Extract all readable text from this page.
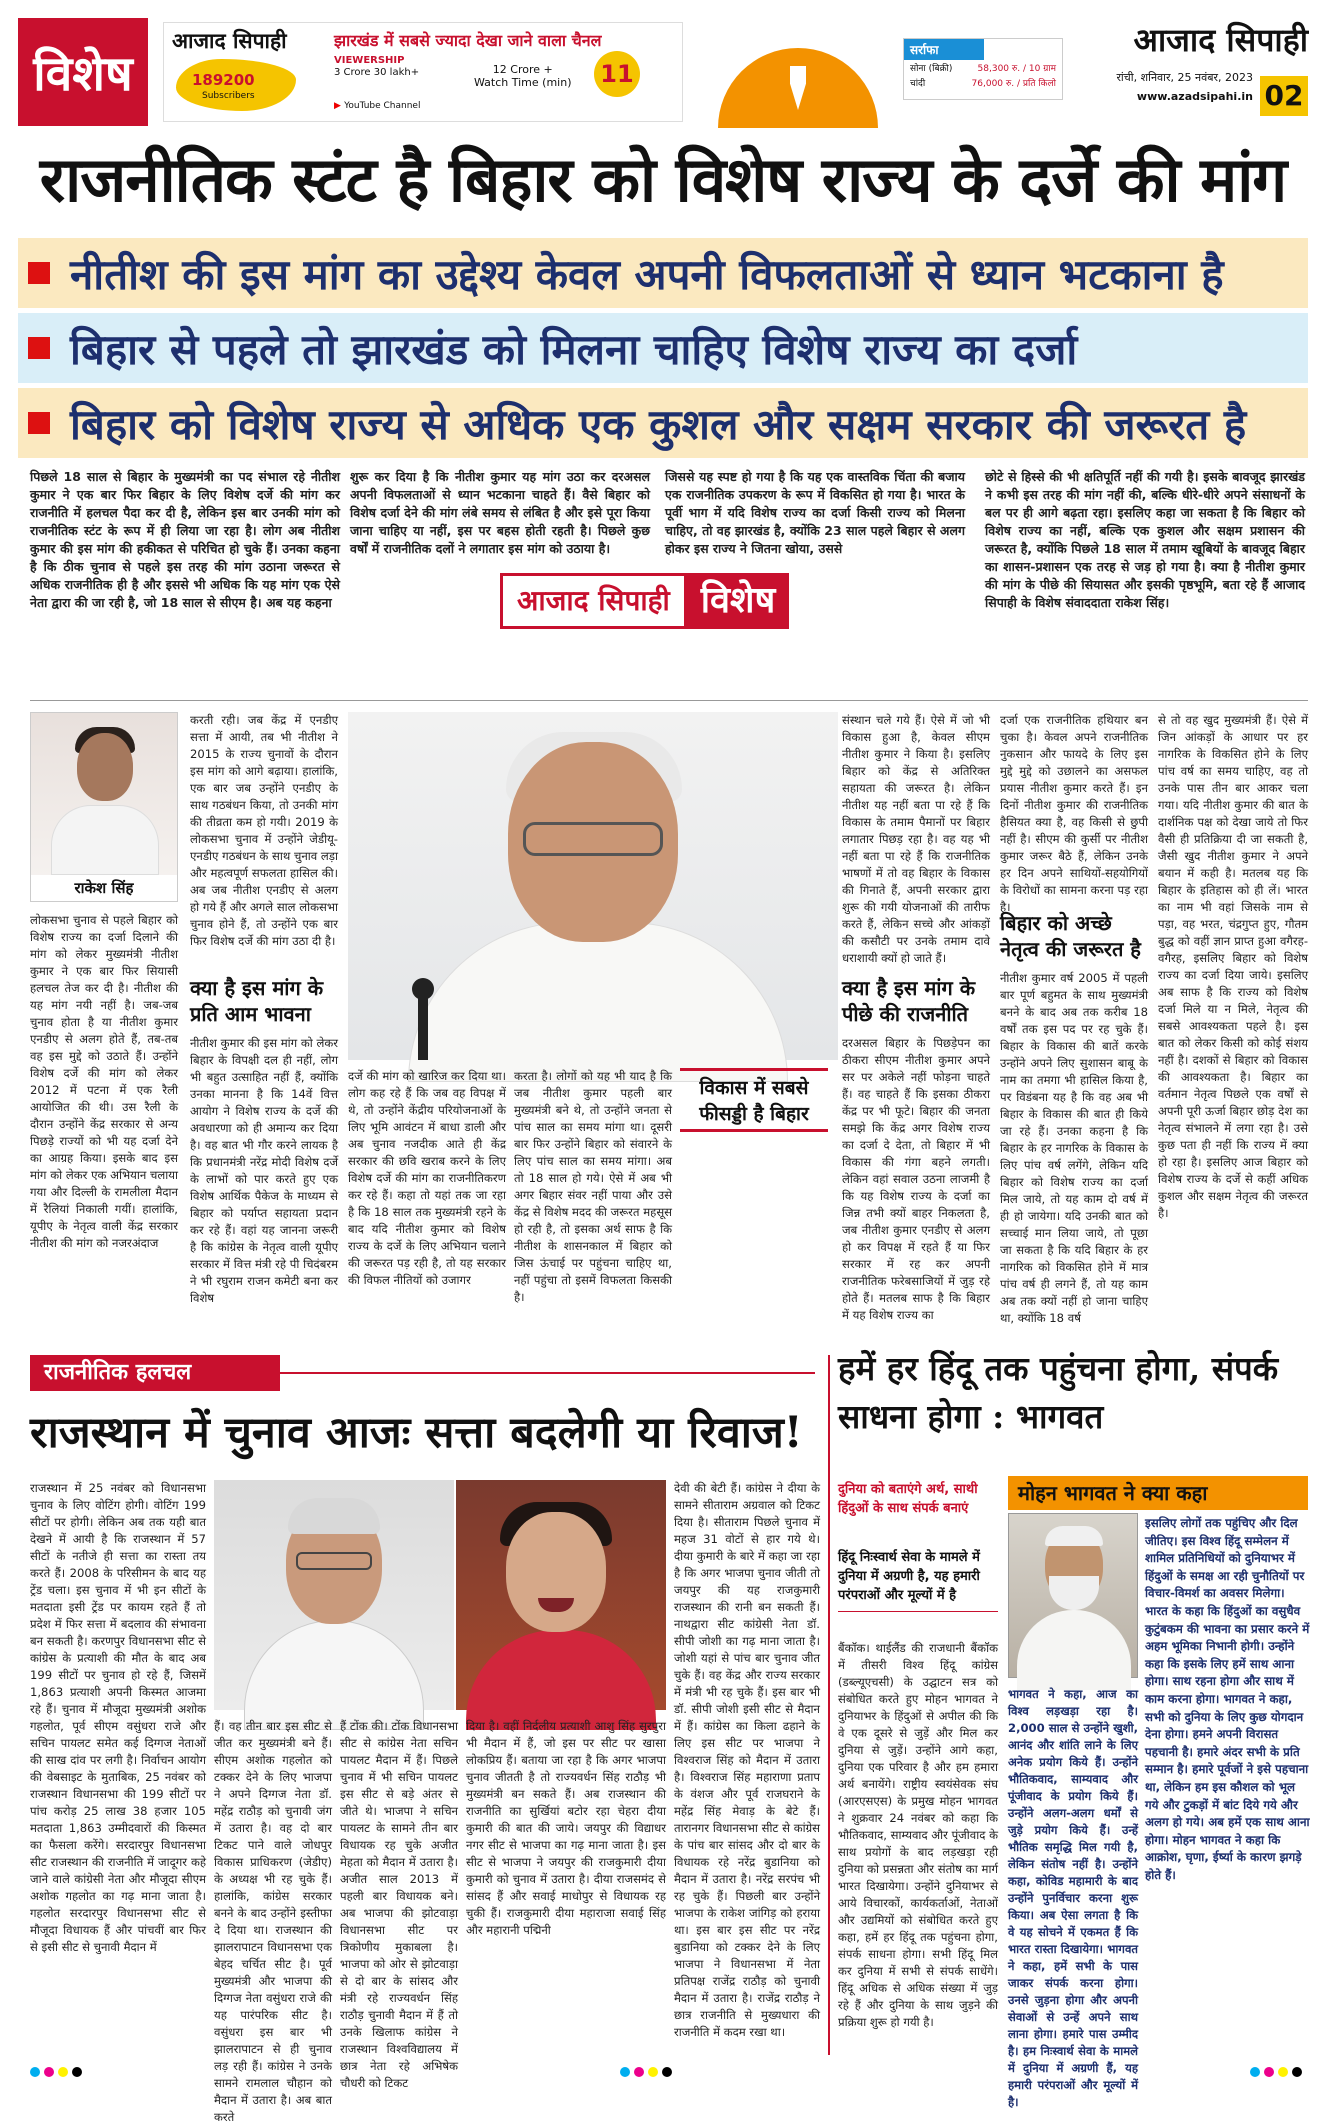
विशेष
आजाद सिपाही
189200
Subscribers
झारखंड में सबसे ज्यादा देखा जाने वाला चैनल
VIEWERSHIP
3 Crore 30 lakh+	12 Crore +
Watch Time (min)
▶ YouTube Channel
11
सर्राफा
सोना (बिक्री)	58,300 रु. / 10 ग्राम
चांदी	76,000 रु. / प्रति किलो
आजाद सिपाही
रांची, शनिवार, 25 नवंबर, 2023
www.azadsipahi.in 02
राजनीतिक स्टंट है बिहार को विशेष राज्य के दर्जे की मांग
नीतीश की इस मांग का उद्देश्य केवल अपनी विफलताओं से ध्यान भटकाना है
बिहार से पहले तो झारखंड को मिलना चाहिए विशेष राज्य का दर्जा
बिहार को विशेष राज्य से अधिक एक कुशल और सक्षम सरकार की जरूरत है
पिछले 18 साल से बिहार के मुख्यमंत्री का पद संभाल रहे नीतीश कुमार ने एक बार फिर बिहार के लिए विशेष दर्जे की मांग कर राजनीति में हलचल पैदा कर दी है, लेकिन इस बार उनकी मांग को राजनीतिक स्टंट के रूप में ही लिया जा रहा है। लोग अब नीतीश कुमार की इस मांग की हकीकत से परिचित हो चुके हैं। उनका कहना है कि ठीक चुनाव से पहले इस तरह की मांग उठाना जरूरत से अधिक राजनीतिक ही है और इससे भी अधिक कि यह मांग एक ऐसे नेता द्वारा की जा रही है, जो 18 साल से सीएम है। अब यह कहना
शुरू कर दिया है कि नीतीश कुमार यह मांग उठा कर दरअसल अपनी विफलताओं से ध्यान भटकाना चाहते हैं। वैसे बिहार को विशेष दर्जा देने की मांग लंबे समय से लंबित है और इसे पूरा किया जाना चाहिए या नहीं, इस पर बहस होती रहती है। पिछले कुछ वर्षों में राजनीतिक दलों ने लगातार इस मांग को उठाया है।
आजाद सिपाही विशेष
जिससे यह स्पष्ट हो गया है कि यह एक वास्तविक चिंता की बजाय एक राजनीतिक उपकरण के रूप में विकसित हो गया है। भारत के पूर्वी भाग में यदि विशेष राज्य का दर्जा किसी राज्य को मिलना चाहिए, तो वह झारखंड है, क्योंकि 23 साल पहले बिहार से अलग होकर इस राज्य ने जितना खोया, उससे
छोटे से हिस्से की भी क्षतिपूर्ति नहीं की गयी है। इसके बावजूद झारखंड ने कभी इस तरह की मांग नहीं की, बल्कि धीरे-धीरे अपने संसाधनों के बल पर ही आगे बढ़ता रहा। इसलिए कहा जा सकता है कि बिहार को विशेष राज्य का नहीं, बल्कि एक कुशल और सक्षम प्रशासन की जरूरत है, क्योंकि पिछले 18 साल में तमाम खूबियों के बावजूद बिहार का शासन-प्रशासन एक तरह से जड़ हो गया है। क्या है नीतीश कुमार की मांग के पीछे की सियासत और इसकी पृष्ठभूमि, बता रहे हैं आजाद सिपाही के विशेष संवाददाता राकेश सिंह।
राकेश सिंह
लोकसभा चुनाव से पहले बिहार को विशेष राज्य का दर्जा दिलाने की मांग को लेकर मुख्यमंत्री नीतीश कुमार ने एक बार फिर सियासी हलचल तेज कर दी है। नीतीश की यह मांग नयी नहीं है। जब-जब चुनाव होता है या नीतीश कुमार एनडीए से अलग होते हैं, तब-तब वह इस मुद्दे को उठाते हैं। उन्होंने विशेष दर्जे की मांग को लेकर 2012 में पटना में एक रैली आयोजित की थी। उस रैली के दौरान उन्होंने केंद्र सरकार से अन्य पिछड़े राज्यों को भी यह दर्जा देने का आग्रह किया। इसके बाद इस मांग को लेकर एक अभियान चलाया गया और दिल्ली के रामलीला मैदान में रैलियां निकाली गयीं। हालांकि, यूपीए के नेतृत्व वाली केंद्र सरकार नीतीश की मांग को नजरअंदाज
करती रही। जब केंद्र में एनडीए सत्ता में आयी, तब भी नीतीश ने 2015 के राज्य चुनावों के दौरान इस मांग को आगे बढ़ाया। हालांकि, एक बार जब उन्होंने एनडीए के साथ गठबंधन किया, तो उनकी मांग की तीव्रता कम हो गयी। 2019 के लोकसभा चुनाव में उन्होंने जेडीयू-एनडीए गठबंधन के साथ चुनाव लड़ा और महत्वपूर्ण सफलता हासिल की। अब जब नीतीश एनडीए से अलग हो गये हैं और अगले साल लोकसभा चुनाव होने हैं, तो उन्होंने एक बार फिर विशेष दर्जे की मांग उठा दी है।
क्या है इस मांग के प्रति आम भावना
नीतीश कुमार की इस मांग को लेकर बिहार के विपक्षी दल ही नहीं, लोग भी बहुत उत्साहित नहीं हैं, क्योंकि उनका मानना है कि 14वें वित्त आयोग ने विशेष राज्य के दर्जे की अवधारणा को ही अमान्य कर दिया है। वह बात भी गौर करने लायक है कि प्रधानमंत्री नरेंद्र मोदी विशेष दर्जे के लाभों को पार करते हुए एक विशेष आर्थिक पैकेज के माध्यम से बिहार को पर्याप्त सहायता प्रदान कर रहे हैं। वहां यह जानना जरूरी है कि कांग्रेस के नेतृत्व वाली यूपीए सरकार में वित्त मंत्री रहे पी चिदंबरम ने भी रघुराम राजन कमेटी बना कर विशेष
दर्जे की मांग को खारिज कर दिया था। लोग कह रहे हैं कि जब वह विपक्ष में थे, तो उन्होंने केंद्रीय परियोजनाओं के लिए भूमि आवंटन में बाधा डाली और अब चुनाव नजदीक आते ही केंद्र सरकार की छवि खराब करने के लिए विशेष दर्जे की मांग का राजनीतिकरण कर रहे हैं। कहा तो यहां तक जा रहा है कि 18 साल तक मुख्यमंत्री रहने के बाद यदि नीतीश कुमार को विशेष राज्य के दर्जे के लिए अभियान चलाने की जरूरत पड़ रही है, तो यह सरकार की विफल नीतियों को उजागर
करता है। लोगों को यह भी याद है कि जब नीतीश कुमार पहली बार मुख्यमंत्री बने थे, तो उन्होंने जनता से पांच साल का समय मांगा था। दूसरी बार फिर उन्होंने बिहार को संवारने के लिए पांच साल का समय मांगा। अब तो 18 साल हो गये। ऐसे में अब भी अगर बिहार संवर नहीं पाया और उसे केंद्र से विशेष मदद की जरूरत महसूस हो रही है, तो इसका अर्थ साफ है कि नीतीश के शासनकाल में बिहार को जिस ऊंचाई पर पहुंचना चाहिए था, नहीं पहुंचा तो इसमें विफलता किसकी है।
विकास में सबसे फीसड्डी है बिहार
संस्थान चले गये हैं। ऐसे में जो भी विकास हुआ है, केवल सीएम नीतीश कुमार ने किया है। इसलिए बिहार को केंद्र से अतिरिक्त सहायता की जरूरत है। लेकिन नीतीश यह नहीं बता पा रहे हैं कि विकास के तमाम पैमानों पर बिहार लगातार पिछड़ रहा है। वह यह भी नहीं बता पा रहे हैं कि राजनीतिक भाषणों में तो वह बिहार के विकास की गिनाते हैं, अपनी सरकार द्वारा शुरू की गयी योजनाओं की तारीफ करते हैं, लेकिन सच्चे और आंकड़ों की कसौटी पर उनके तमाम दावे धराशायी क्यों हो जाते हैं।
क्या है इस मांग के पीछे की राजनीति
दरअसल बिहार के पिछड़ेपन का ठीकरा सीएम नीतीश कुमार अपने सर पर अकेले नहीं फोड़ना चाहते हैं। वह चाहते हैं कि इसका ठीकरा केंद्र पर भी फूटे। बिहार की जनता समझे कि केंद्र अगर विशेष राज्य का दर्जा दे देता, तो बिहार में भी विकास की गंगा बहने लगती। लेकिन वहां सवाल उठना लाजमी है कि यह विशेष राज्य के दर्जा का जिन्न तभी क्यों बाहर निकलता है, जब नीतीश कुमार एनडीए से अलग हो कर विपक्ष में रहते हैं या फिर सरकार में रह कर अपनी राजनीतिक फरेबसाजियों में जुड़ रहे होते हैं। मतलब साफ है कि बिहार में यह विशेष राज्य का
दर्जा एक राजनीतिक हथियार बन चुका है। केवल अपने राजनीतिक नुकसान और फायदे के लिए इस मुद्दे मुद्दे को उछालने का असफल प्रयास नीतीश कुमार करते हैं। इन दिनों नीतीश कुमार की राजनीतिक हैसियत क्या है, वह किसी से छुपी नहीं है। सीएम की कुर्सी पर नीतीश कुमार जरूर बैठे हैं, लेकिन उनके हर दिन अपने साथियों-सहयोगियों के विरोधों का सामना करना पड़ रहा है।
बिहार को अच्छे नेतृत्व की जरूरत है
नीतीश कुमार वर्ष 2005 में पहली बार पूर्ण बहुमत के साथ मुख्यमंत्री बनने के बाद अब तक करीब 18 वर्षों तक इस पद पर रह चुके हैं। बिहार के विकास की बातें करके उन्होंने अपने लिए सुशासन बाबू के नाम का तमगा भी हासिल किया है, पर विडंबना यह है कि वह अब भी बिहार के विकास की बात ही किये जा रहे हैं। उनका कहना है कि बिहार के हर नागरिक के विकास के लिए पांच वर्ष लगेंगे, लेकिन यदि बिहार को विशेष राज्य का दर्जा मिल जाये, तो यह काम दो वर्ष में ही हो जायेगा। यदि उनकी बात को सच्चाई मान लिया जाये, तो पूछा जा सकता है कि यदि बिहार के हर नागरिक को विकसित होने में मात्र पांच वर्ष ही लगने हैं, तो यह काम अब तक क्यों नहीं हो जाना चाहिए था, क्योंकि 18 वर्ष
से तो वह खुद मुख्यमंत्री हैं। ऐसे में जिन आंकड़ों के आधार पर हर नागरिक के विकसित होने के लिए पांच वर्ष का समय चाहिए, वह तो उनके पास तीन बार आकर चला गया। यदि नीतीश कुमार की बात के दार्शनिक पक्ष को देखा जाये तो फिर वैसी ही प्रतिक्रिया दी जा सकती है, जैसी खुद नीतीश कुमार ने अपने बयान में कही है। मतलब यह कि बिहार के इतिहास को ही लें। भारत का नाम भी वहां जिसके नाम से पड़ा, वह भरत, चंद्रगुप्त हुए, गौतम बुद्ध को वहीं ज्ञान प्राप्त हुआ वगैरह-वगैरह, इसलिए बिहार को विशेष राज्य का दर्जा दिया जाये। इसलिए अब साफ है कि राज्य को विशेष दर्जा मिले या न मिले, नेतृत्व की सबसे आवश्यकता पहले है। इस बात को लेकर किसी को कोई संशय नहीं है। दशकों से बिहार को विकास की आवश्यकता है। बिहार का वर्तमान नेतृत्व पिछले एक वर्षों से अपनी पूरी ऊर्जा बिहार छोड़ देश का नेतृत्व संभालने में लगा रहा है। उसे कुछ पता ही नहीं कि राज्य में क्या हो रहा है। इसलिए आज बिहार को विशेष राज्य के दर्जे से कहीं अधिक कुशल और सक्षम नेतृत्व की जरूरत है।
राजनीतिक हलचल
राजस्थान में चुनाव आजः सत्ता बदलेगी या रिवाज!
राजस्थान में 25 नवंबर को विधानसभा चुनाव के लिए वोटिंग होगी। वोटिंग 199 सीटों पर होगी। लेकिन अब तक यही बात देखने में आयी है कि राजस्थान में 57 सीटों के नतीजे ही सत्ता का रास्ता तय करते हैं। 2008 के परिसीमन के बाद यह ट्रेंड चला। इस चुनाव में भी इन सीटों के मतदाता इसी ट्रेंड पर कायम रहते हैं तो प्रदेश में फिर सत्ता में बदलाव की संभावना बन सकती है। करणपुर विधानसभा सीट से कांग्रेस के प्रत्याशी की मौत के बाद अब 199 सीटों पर चुनाव हो रहे हैं, जिसमें 1,863 प्रत्याशी अपनी किस्मत आजमा रहे हैं। चुनाव में मौजूदा मुख्यमंत्री अशोक गहलोत, पूर्व सीएम वसुंधरा राजे और सचिन पायलट समेत कई दिग्गज नेताओं की साख दांव पर लगी है। निर्वाचन आयोग की वेबसाइट के मुताबिक, 25 नवंबर को राजस्थान विधानसभा की 199 सीटों पर पांच करोड़ 25 लाख 38 हजार 105 मतदाता 1,863 उम्मीदवारों की किस्मत का फैसला करेंगे। सरदारपुर विधानसभा सीट राजस्थान की राजनीति में जादूगर कहे जाने वाले कांग्रेसी नेता और मौजूदा सीएम अशोक गहलोत का गढ़ माना जाता है। गहलोत सरदारपुर विधानसभा सीट से मौजूदा विधायक हैं और पांचवीं बार फिर से इसी सीट से चुनावी मैदान में
हैं। वह तीन बार इस सीट से जीत कर मुख्यमंत्री बने हैं। सीएम अशोक गहलोत को टक्कर देने के लिए भाजपा ने अपने दिग्गज नेता डॉ. महेंद्र राठौड़ को चुनावी जंग में उतारा है। वह दो बार टिकट पाने वाले जोधपुर विकास प्राधिकरण (जेडीए) के अध्यक्ष भी रह चुके हैं। हालांकि, कांग्रेस सरकार बनने के बाद उन्होंने इस्तीफा दे दिया था। राजस्थान की झालरापाटन विधानसभा एक बेहद चर्चित सीट है। पूर्व मुख्यमंत्री और भाजपा की दिग्गज नेता वसुंधरा राजे की यह पारंपरिक सीट है। वसुंधरा इस बार भी झालरापाटन से ही चुनाव लड़ रही हैं। कांग्रेस ने उनके सामने रामलाल चौहान को मैदान में उतारा है। अब बात करते
हैं टोंक की। टोंक विधानसभा सीट से कांग्रेस नेता सचिन पायलट मैदान में हैं। पिछले चुनाव में भी सचिन पायलट इस सीट से बड़े अंतर से जीते थे। भाजपा ने सचिन पायलट के सामने तीन बार विधायक रह चुके अजीत मेहता को मैदान में उतारा है। अजीत साल 2013 में पहली बार विधायक बने। अब भाजपा की झोटवाड़ा विधानसभा सीट पर त्रिकोणीय मुकाबला है। भाजपा को ओर से झोटवाड़ा से दो बार के सांसद और मंत्री रहे राज्यवर्धन सिंह राठौड़ चुनावी मैदान में हैं तो उनके खिलाफ कांग्रेस ने राजस्थान विश्वविद्यालय में छात्र नेता रहे अभिषेक चौधरी को टिकट
दिया है। वहीं निर्दलीय प्रत्याशी आशु सिंह सुरपुरा भी मैदान में हैं, जो इस पर सीट पर खासा लोकप्रिय हैं। बताया जा रहा है कि अगर भाजपा चुनाव जीतती है तो राज्यवर्धन सिंह राठौड़ भी मुख्यमंत्री बन सकते हैं। अब राजस्थान की राजनीति का सुर्खियां बटोर रहा चेहरा दीया कुमारी की बात की जाये। जयपुर की विद्याधर नगर सीट से भाजपा का गढ़ माना जाता है। इस सीट से भाजपा ने जयपुर की राजकुमारी दीया कुमारी को चुनाव में उतारा है। दीया राजसमंद से सांसद हैं और सवाई माधोपुर से विधायक रह चुकी हैं। राजकुमारी दीया महाराजा सवाई सिंह और महारानी पद्मिनी
देवी की बेटी हैं। कांग्रेस ने दीया के सामने सीताराम अग्रवाल को टिकट दिया है। सीताराम पिछले चुनाव में महज 31 वोटों से हार गये थे। दीया कुमारी के बारे में कहा जा रहा है कि अगर भाजपा चुनाव जीती तो जयपुर की यह राजकुमारी राजस्थान की रानी बन सकती हैं। नाथद्वारा सीट कांग्रेसी नेता डॉ. सीपी जोशी का गढ़ माना जाता है। जोशी यहां से पांच बार चुनाव जीत चुके हैं। वह केंद्र और राज्य सरकार में मंत्री भी रह चुके हैं। इस बार भी डॉ. सीपी जोशी इसी सीट से मैदान में हैं। कांग्रेस का किला ढहाने के लिए इस सीट पर भाजपा ने विश्वराज सिंह को मैदान में उतारा है। विश्वराज सिंह महाराणा प्रताप के वंशज और पूर्व राजघराने के महेंद्र सिंह मेवाड़ के बेटे हैं। तारानगर विधानसभा सीट से कांग्रेस के पांच बार सांसद और दो बार के विधायक रहे नरेंद्र बुडानिया को मैदान में उतारा है। नरेंद्र सरपंच भी रह चुके हैं। पिछली बार उन्होंने भाजपा के राकेश जांगिड़ को हराया था। इस बार इस सीट पर नरेंद्र बुडानिया को टक्कर देने के लिए भाजपा ने विधानसभा में नेता प्रतिपक्ष राजेंद्र राठौड़ को चुनावी मैदान में उतारा है। राजेंद्र राठौड़ ने छात्र राजनीति से मुख्यधारा की राजनीति में कदम रखा था।
हमें हर हिंदू तक पहुंचना होगा, संपर्क साधना होगा : भागवत
दुनिया को बताएंगे अर्थ, साथी हिंदुओं के साथ संपर्क बनाएं
हिंदू निःस्वार्थ सेवा के मामले में दुनिया में अग्रणी है, यह हमारी परंपराओं और मूल्यों में है
बैंकॉक। थाईलैंड की राजधानी बैंकॉक में तीसरी विश्व हिंदू कांग्रेस (डब्ल्यूएचसी) के उद्घाटन सत्र को संबोधित करते हुए मोहन भागवत ने दुनियाभर के हिंदुओं से अपील की कि वे एक दूसरे से जुड़ें और मिल कर दुनिया से जुड़ें। उन्होंने आगे कहा, दुनिया एक परिवार है और हम हमारा अर्थ बनायेंगे। राष्ट्रीय स्वयंसेवक संघ (आरएसएस) के प्रमुख मोहन भागवत ने शुक्रवार 24 नवंबर को कहा कि भौतिकवाद, साम्यवाद और पूंजीवाद के साथ प्रयोगों के बाद लड़खड़ा रही दुनिया को प्रसन्नता और संतोष का मार्ग भारत दिखायेगा। उन्होंने दुनियाभर से आये विचारकों, कार्यकर्ताओं, नेताओं और उद्यमियों को संबोधित करते हुए कहा, हमें हर हिंदू तक पहुंचना होगा, संपर्क साधना होगा। सभी हिंदू मिल कर दुनिया में सभी से संपर्क साधेंगे। हिंदू अधिक से अधिक संख्या में जुड़ रहे हैं और दुनिया के साथ जुड़ने की प्रक्रिया शुरू हो गयी है।
मोहन भागवत ने क्या कहा
भागवत ने कहा, आज का विश्व लड़खड़ा रहा है। 2,000 साल से उन्होंने खुशी, आनंद और शांति लाने के लिए अनेक प्रयोग किये हैं। उन्होंने भौतिकवाद, साम्यवाद और पूंजीवाद के प्रयोग किये हैं। उन्होंने अलग-अलग धर्मों से जुड़े प्रयोग किये हैं। उन्हें भौतिक समृद्धि मिल गयी है, लेकिन संतोष नहीं है। उन्होंने कहा, कोविड महामारी के बाद उन्होंने पुनर्विचार करना शुरू किया। अब ऐसा लगता है कि वे यह सोचने में एकमत हैं कि भारत रास्ता दिखायेगा। भागवत ने कहा, हमें सभी के पास जाकर संपर्क करना होगा। उनसे जुड़ना होगा और अपनी सेवाओं से उन्हें अपने साथ लाना होगा। हमारे पास उम्मीद है। हम निःस्वार्थ सेवा के मामले में दुनिया में अग्रणी हैं, यह हमारी परंपराओं और मूल्यों में है।
इसलिए लोगों तक पहुंचिए और दिल जीतिए। इस विश्व हिंदू सम्मेलन में शामिल प्रतिनिधियों को दुनियाभर में हिंदुओं के समक्ष आ रही चुनौतियों पर विचार-विमर्श का अवसर मिलेगा। भारत के कहा कि हिंदुओं का वसुधैव कुटुंबकम की भावना का प्रसार करने में अहम भूमिका निभानी होगी। उन्होंने कहा कि इसके लिए हमें साथ आना होगा। साथ रहना होगा और साथ में काम करना होगा। भागवत ने कहा, सभी को दुनिया के लिए कुछ योगदान देना होगा। हमने अपनी विरासत पहचानी है। हमारे अंदर सभी के प्रति सम्मान है। हमारे पूर्वजों ने इसे पहचाना था, लेकिन हम इस कौशल को भूल गये और टुकड़ों में बांट दिये गये और अलग हो गये। अब हमें एक साथ आना होगा। मोहन भागवत ने कहा कि आक्रोश, घृणा, ईर्ष्या के कारण झगड़े होते हैं।
